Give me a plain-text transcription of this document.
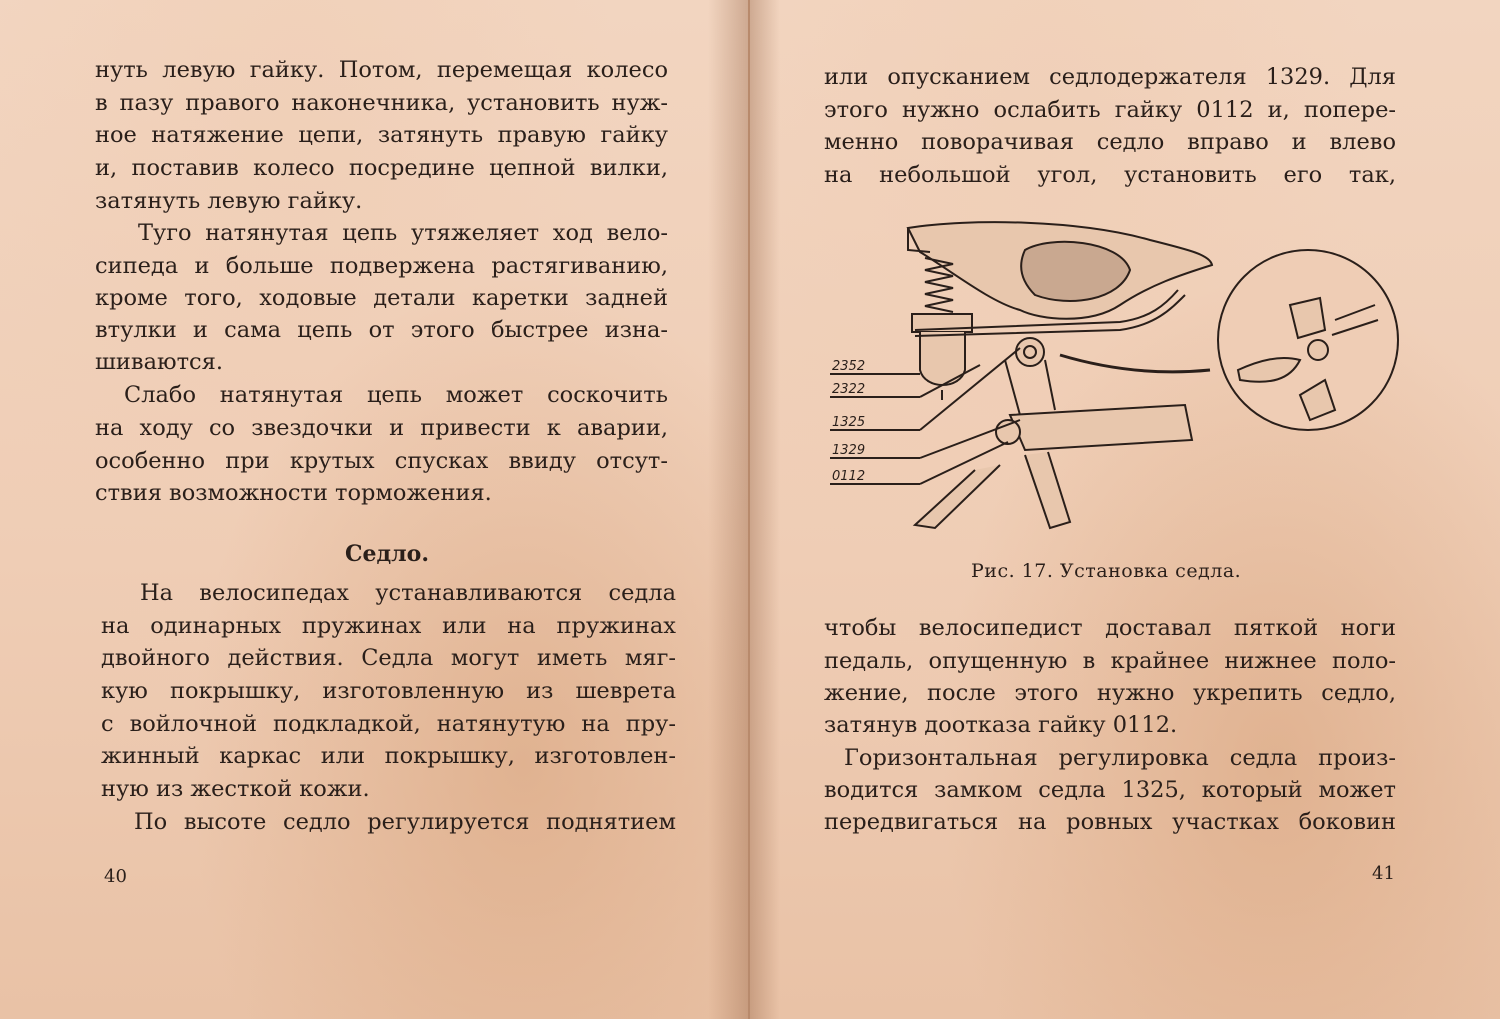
нуть левую гайку. Потом, перемещая колесо

в пазу правого наконечника, установить нуж-

ное натяжение цепи, затянуть правую гайку

и, поставив колесо посредине цепной вилки,

затянуть левую гайку.

Туго натянутая цепь утяжеляет ход вело-

сипеда и больше подвержена растягиванию,

кроме того, ходовые детали каретки задней

втулки и сама цепь от этого быстрее изна-

шиваются.

Слабо натянутая цепь может соскочить

на ходу со звездочки и привести к аварии,

особенно при крутых спусках ввиду отсут-

ствия возможности торможения.

Седло.

На велосипедах устанавливаются седла

на одинарных пружинах или на пружинах

двойного действия. Седла могут иметь мяг-

кую покрышку, изготовленную из шеврета

с войлочной подкладкой, натянутую на пру-

жинный каркас или покрышку, изготовлен-

ную из жесткой кожи.

По высоте седло регулируется поднятием

40

или опусканием седлодержателя 1329. Для

этого нужно ослабить гайку 0112 и, попере-

менно поворачивая седло вправо и влево

на небольшой угол, установить его так,

2352
2322
1325
1329
0112
Рис. 17. Установка седла.

чтобы велосипедист доставал пяткой ноги

педаль, опущенную в крайнее нижнее поло-

жение, после этого нужно укрепить седло,

затянув доотказа гайку 0112.

Горизонтальная регулировка седла произ-

водится замком седла 1325, который может

передвигаться на ровных участках боковин

41
